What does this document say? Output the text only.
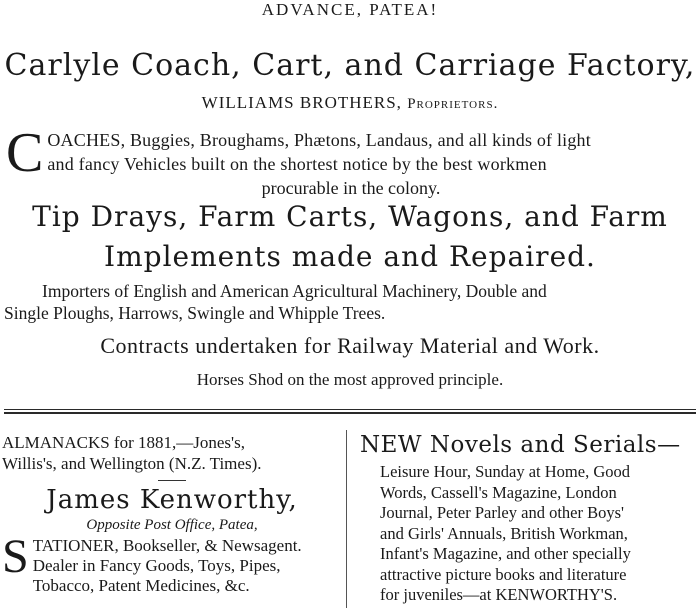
ADVANCE, PATEA!
Carlyle Coach, Cart, and Carriage Factory,
WILLIAMS BROTHERS, Proprietors.
C OACHES, Buggies, Broughams, Phætons, Landaus, and all kinds of light
and fancy Vehicles built on the shortest notice by the best workmen
procurable in the colony.
Tip Drays, Farm Carts, Wagons, and Farm
Implements made and Repaired.
Importers of English and American Agricultural Machinery, Double and
Single Ploughs, Harrows, Swingle and Whipple Trees.
Contracts undertaken for Railway Material and Work.
Horses Shod on the most approved principle.
ALMANACKS for 1881,—Jones's,
Willis's, and Wellington (N.Z. Times).
James Kenworthy,
Opposite Post Office, Patea,
S TATIONER, Bookseller, & Newsagent.
Dealer in Fancy Goods, Toys, Pipes,
Tobacco, Patent Medicines, &c.
NEW Novels and Serials—
Leisure Hour, Sunday at Home, Good
Words, Cassell's Magazine, London
Journal, Peter Parley and other Boys'
and Girls' Annuals, British Workman,
Infant's Magazine, and other specially
attractive picture books and literature
for juveniles—at KENWORTHY'S.
